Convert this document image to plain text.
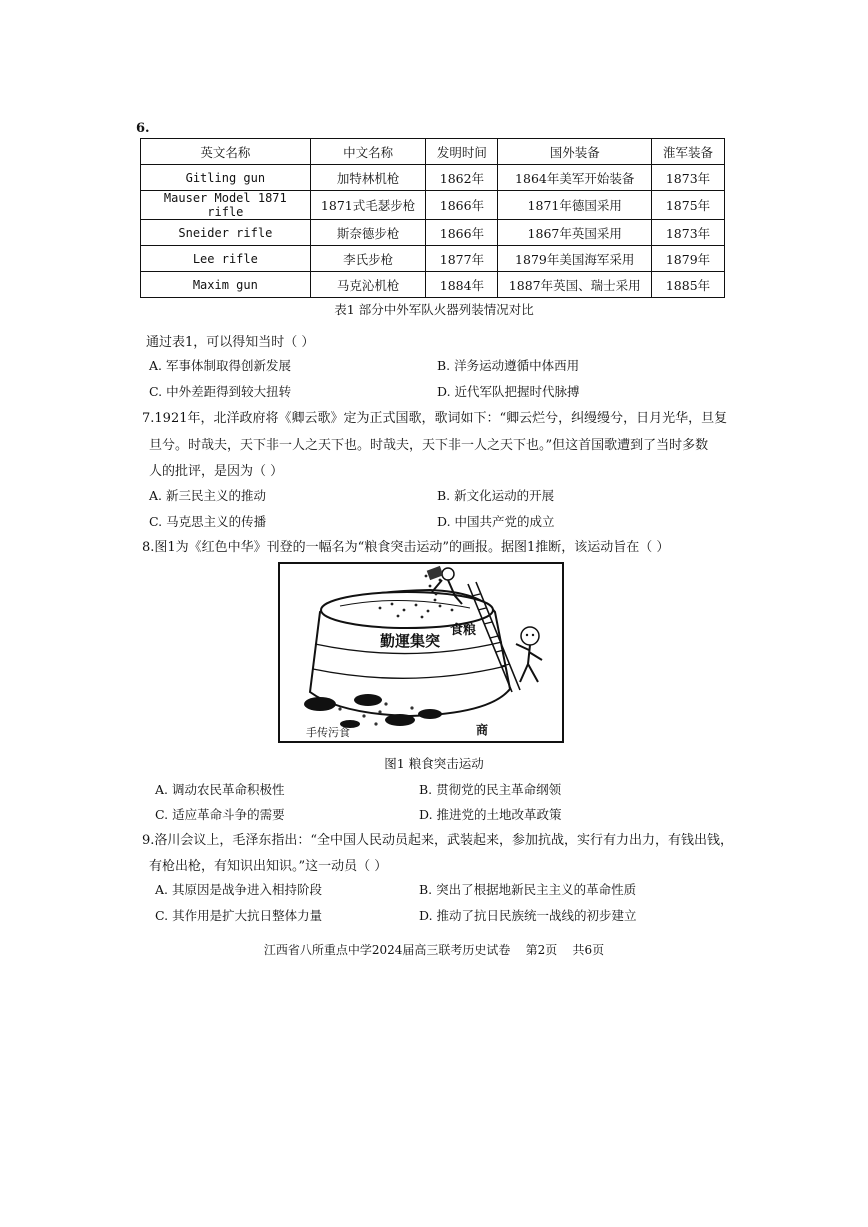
6.
英文名称	中文名称	发明时间	国外装备	淮军装备
Gitling gun	加特林机枪	1862年	1864年美军开始装备	1873年
Mauser Model 1871 rifle	1871式毛瑟步枪	1866年	1871年德国采用	1875年
Sneider rifle	斯奈德步枪	1866年	1867年英国采用	1873年
Lee rifle	李氏步枪	1877年	1879年美国海军采用	1879年
Maxim gun	马克沁机枪	1884年	1887年英国、瑞士采用	1885年
表1 部分中外军队火器列装情况对比
通过表1，可以得知当时（ ）
A. 军事体制取得创新发展	B. 洋务运动遵循中体西用
C. 中外差距得到较大扭转	D. 近代军队把握时代脉搏
7.1921年，北洋政府将《卿云歌》定为正式国歌，歌词如下：“卿云烂兮，纠缦缦兮，日月光华，旦复
旦兮。时哉夫，天下非一人之天下也。时哉夫，天下非一人之天下也。”但这首国歌遭到了当时多数
人的批评，是因为（ ）
A. 新三民主义的推动	B. 新文化运动的开展
C. 马克思主义的传播	D. 中国共产党的成立
8.图1为《红色中华》刊登的一幅名为“粮食突击运动”的画报。据图1推断，该运动旨在（ ）
勤運集突
食粮
手传污食	商
图1 粮食突击运动
A. 调动农民革命积极性	B. 贯彻党的民主革命纲领
C. 适应革命斗争的需要	D. 推进党的土地改革政策
9.洛川会议上，毛泽东指出：“全中国人民动员起来，武装起来，参加抗战，实行有力出力，有钱出钱，
有枪出枪，有知识出知识。”这一动员（ ）
A. 其原因是战争进入相持阶段	B. 突出了根据地新民主主义的革命性质
C. 其作用是扩大抗日整体力量	D. 推动了抗日民族统一战线的初步建立
江西省八所重点中学2024届高三联考历史试卷    第2页    共6页
